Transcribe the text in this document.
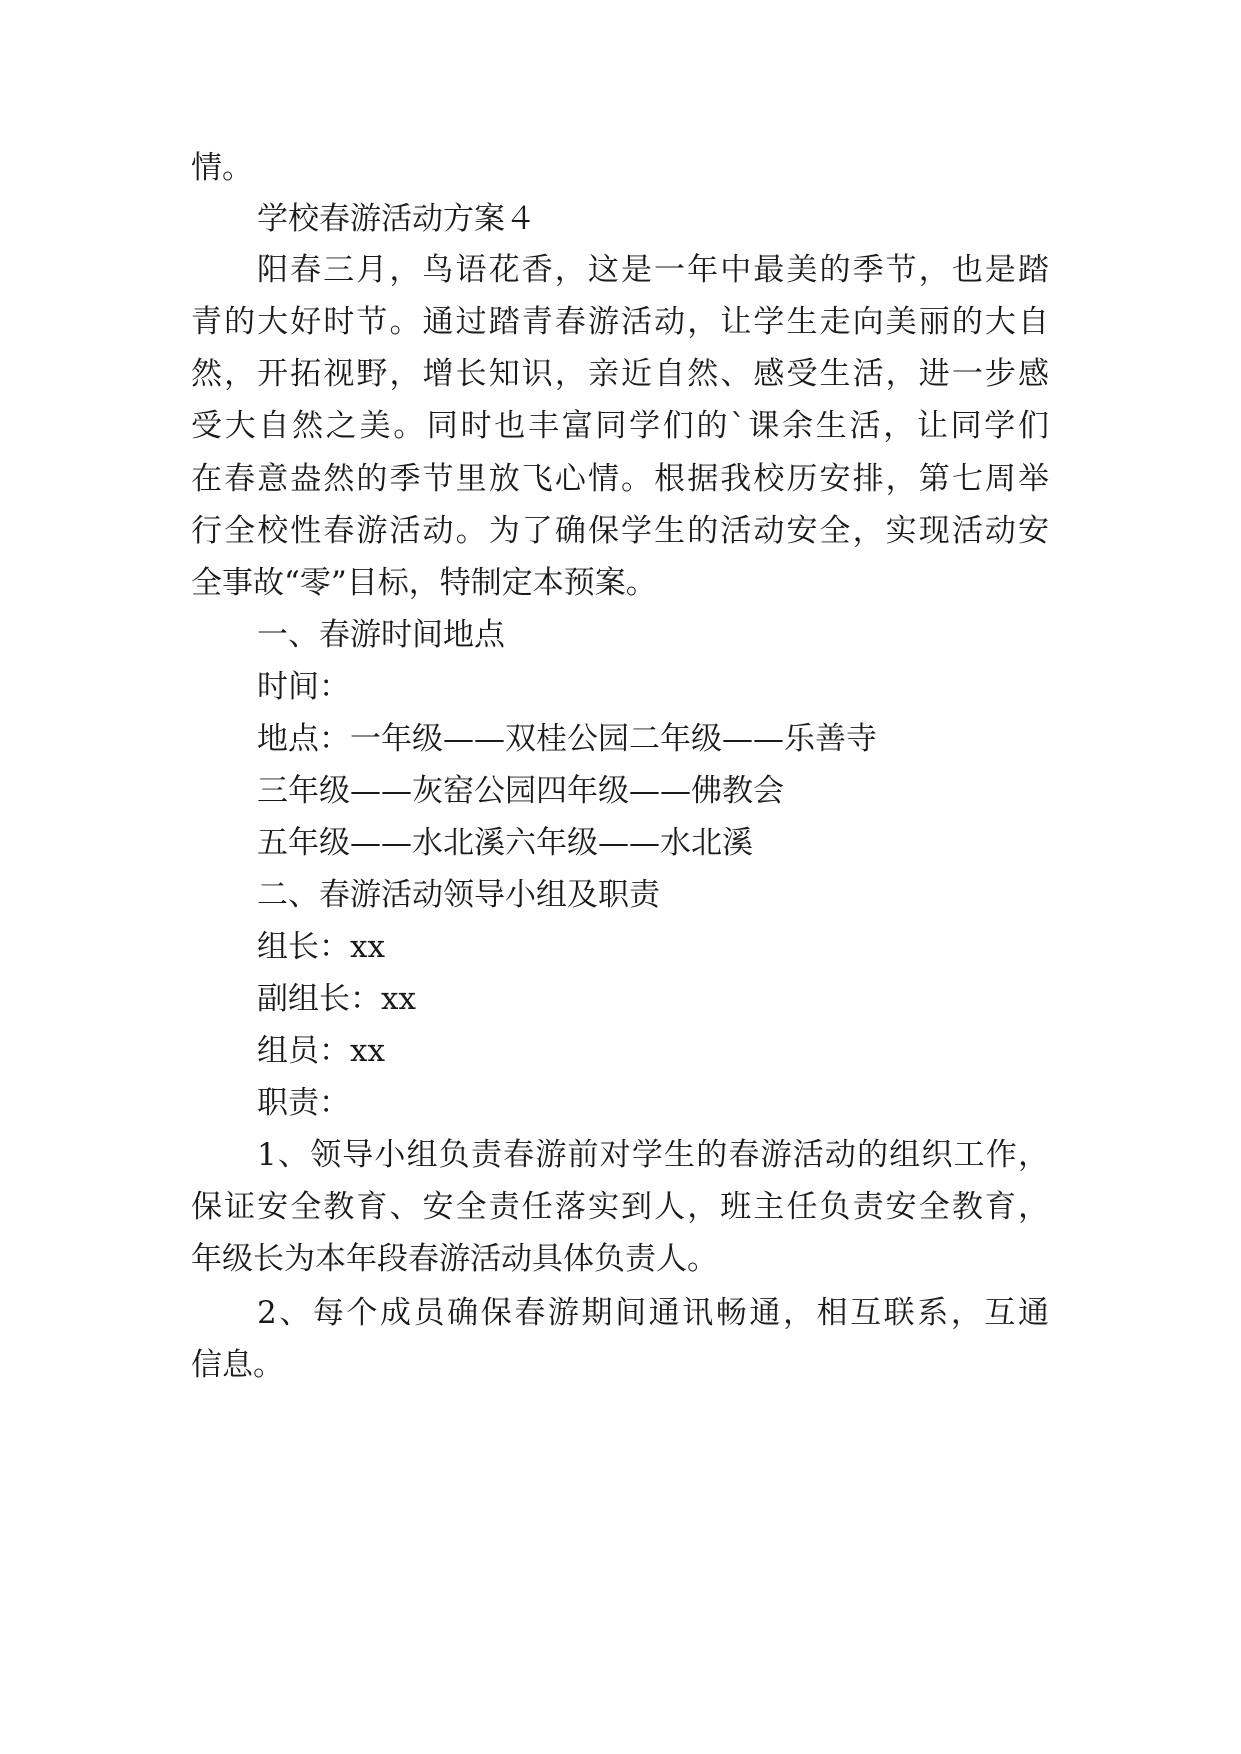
情。
学校春游活动方案４
阳春三月，鸟语花香，这是一年中最美的季节，也是踏
青的大好时节。通过踏青春游活动，让学生走向美丽的大自
然，开拓视野，增长知识，亲近自然、感受生活，进一步感
受大自然之美。同时也丰富同学们的`课余生活，让同学们
在春意盎然的季节里放飞心情。根据我校历安排，第七周举
行全校性春游活动。为了确保学生的活动安全，实现活动安
全事故“零”目标，特制定本预案。
一、春游时间地点
时间：
地点：一年级——双桂公园二年级——乐善寺
三年级——灰窑公园四年级——佛教会
五年级——水北溪六年级——水北溪
二、春游活动领导小组及职责
组长：xx
副组长：xx
组员：xx
职责：
1、领导小组负责春游前对学生的春游活动的组织工作，
保证安全教育、安全责任落实到人，班主任负责安全教育，
年级长为本年段春游活动具体负责人。
2、每个成员确保春游期间通讯畅通，相互联系，互通
信息。
